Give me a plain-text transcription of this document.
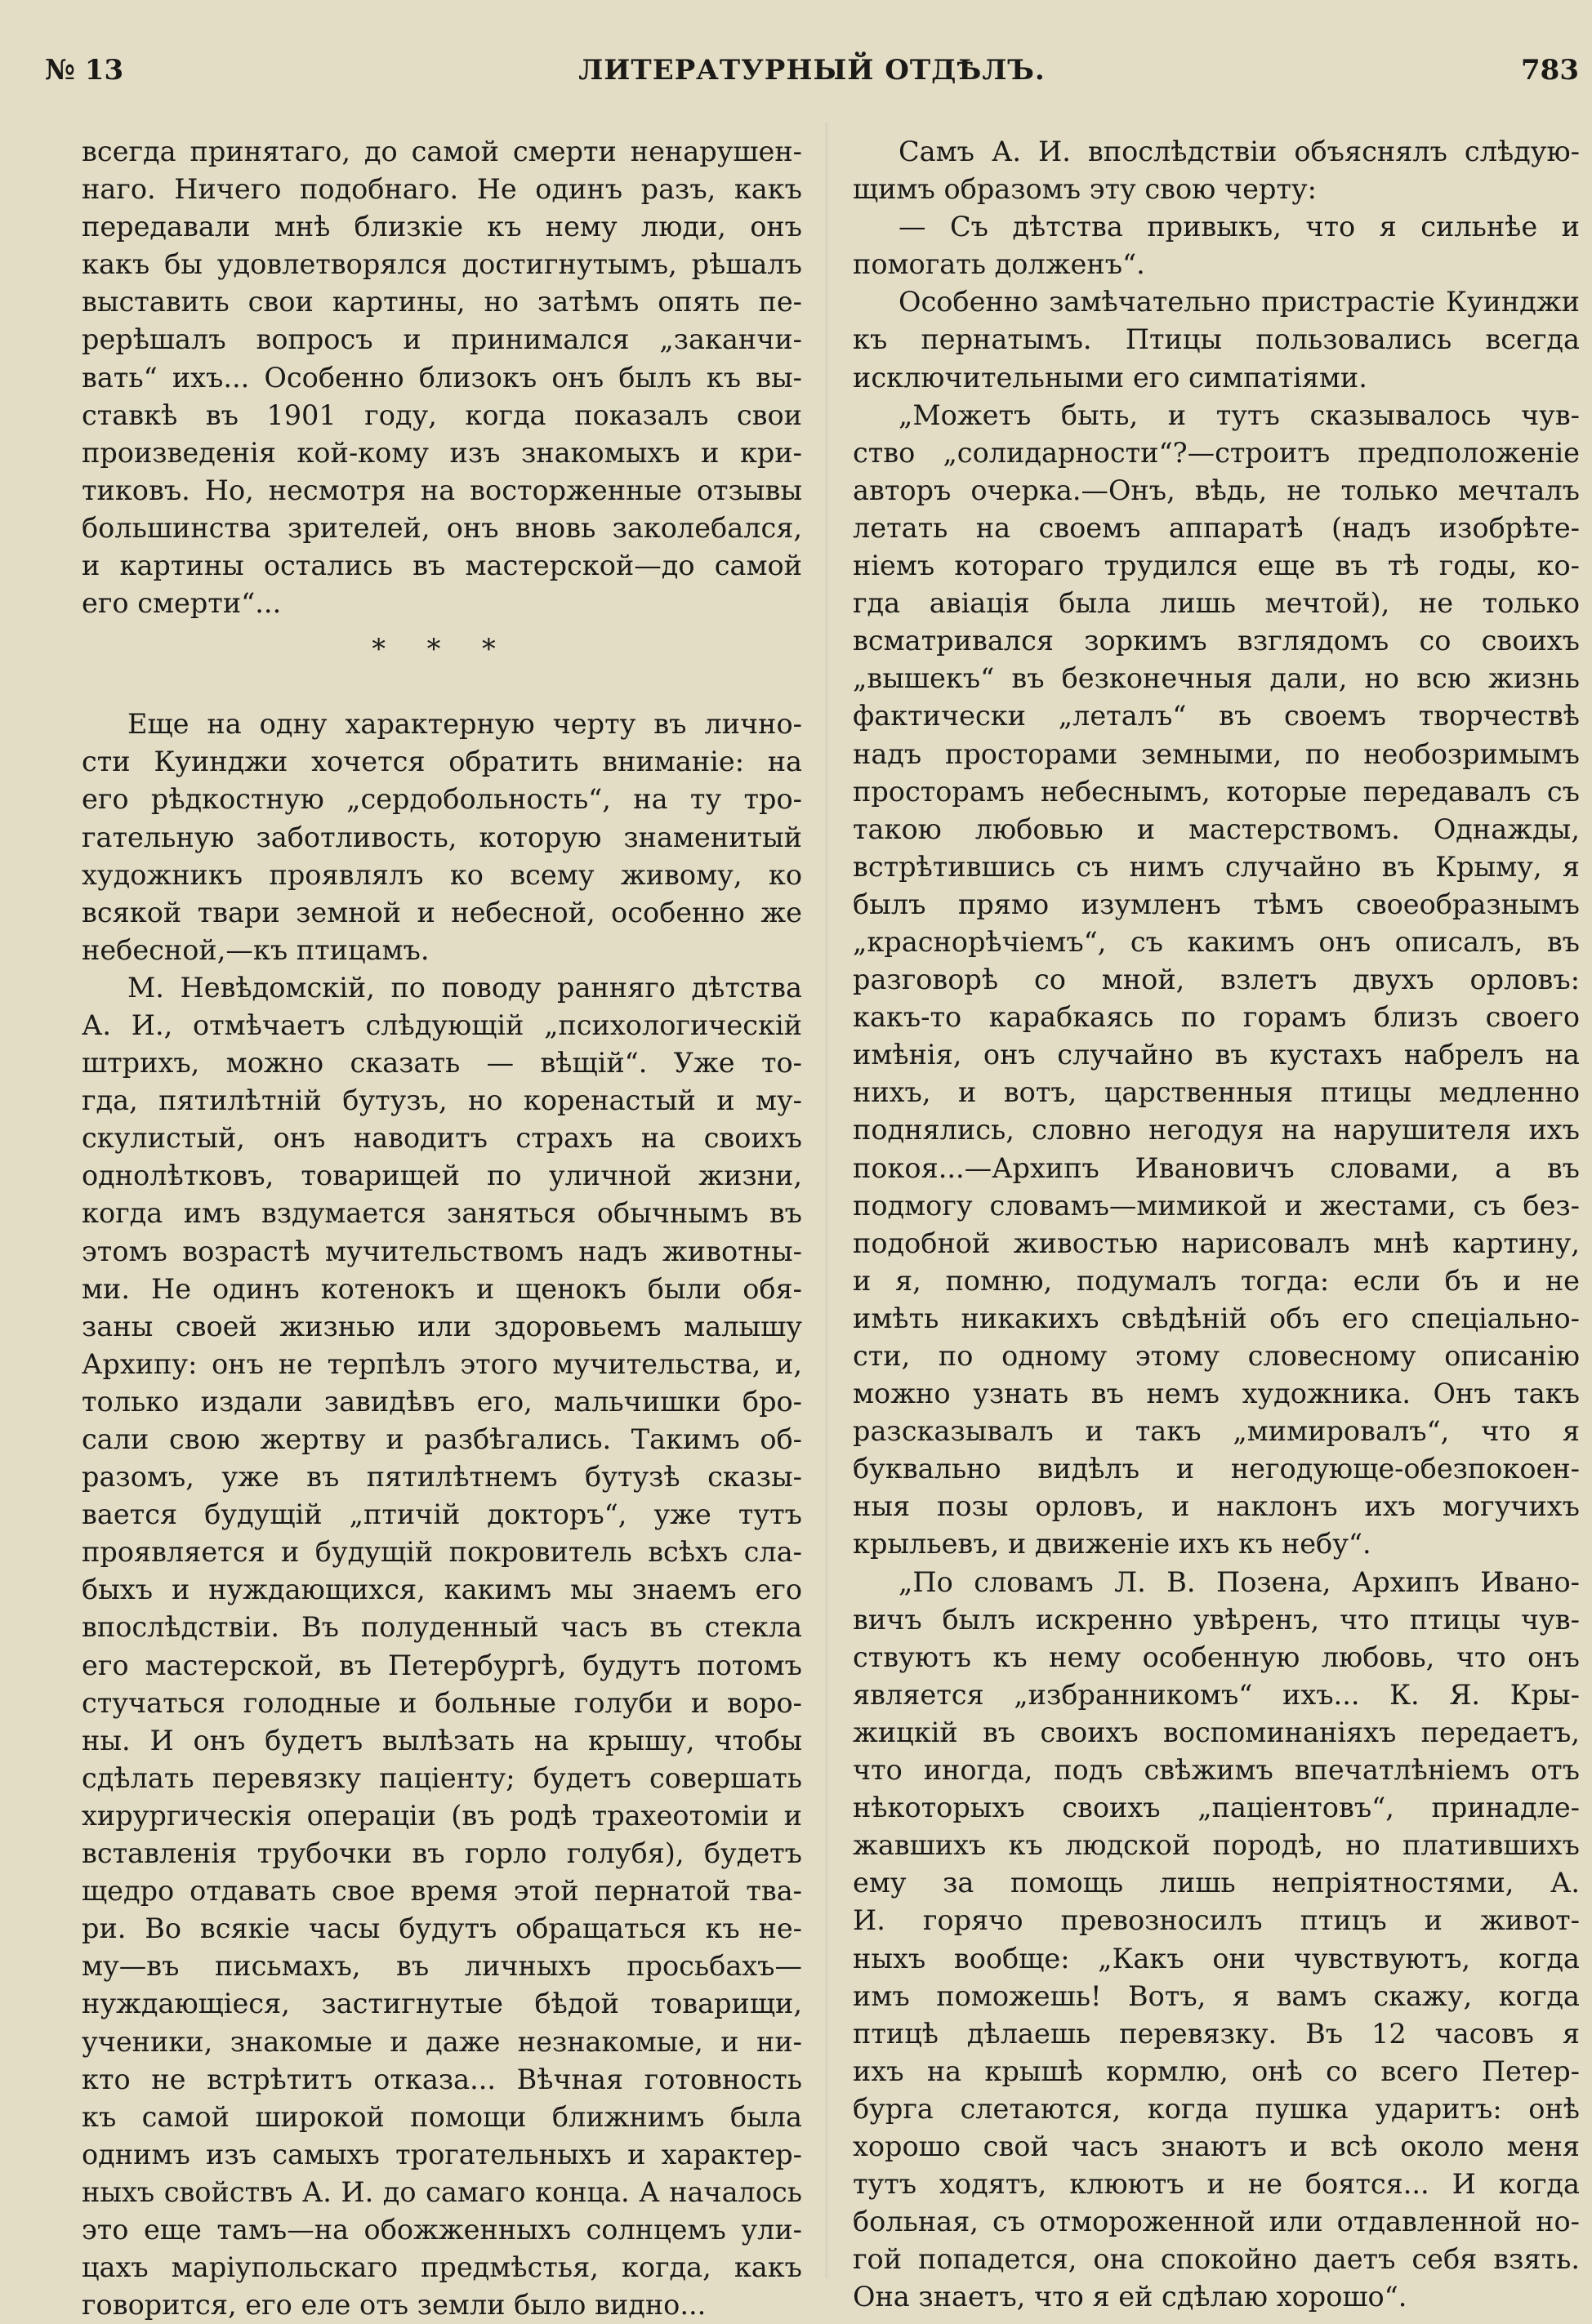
№ 13	ЛИТЕРАТУРНЫЙ ОТДѢЛЪ.	783
всегда принятаго, до самой смерти ненарушен-
наго. Ничего подобнаго. Не одинъ разъ, какъ
передавали мнѣ близкіе къ нему люди, онъ
какъ бы удовлетворялся достигнутымъ, рѣшалъ
выставить свои картины, но затѣмъ опять пе-
рерѣшалъ вопросъ и принимался „заканчи-
вать“ ихъ... Особенно близокъ онъ былъ къ вы-
ставкѣ въ 1901 году, когда показалъ свои
произведенія кой-кому изъ знакомыхъ и кри-
тиковъ. Но, несмотря на восторженные отзывы
большинства зрителей, онъ вновь заколебался,
и картины остались въ мастерской—до самой
его смерти“...
* * *
Еще на одну характерную черту въ лично-
сти Куинджи хочется обратить вниманіе: на
его рѣдкостную „сердобольность“, на ту тро-
гательную заботливость, которую знаменитый
художникъ проявлялъ ко всему живому, ко
всякой твари земной и небесной, особенно же
небесной,—къ птицамъ.
М. Невѣдомскій, по поводу ранняго дѣтства
А. И., отмѣчаетъ слѣдующій „психологическій
штрихъ, можно сказать — вѣщій“. Уже то-
гда, пятилѣтній бутузъ, но коренастый и му-
скулистый, онъ наводитъ страхъ на своихъ
однолѣтковъ, товарищей по уличной жизни,
когда имъ вздумается заняться обычнымъ въ
этомъ возрастѣ мучительствомъ надъ животны-
ми. Не одинъ котенокъ и щенокъ были обя-
заны своей жизнью или здоровьемъ малышу
Архипу: онъ не терпѣлъ этого мучительства, и,
только издали завидѣвъ его, мальчишки бро-
сали свою жертву и разбѣгались. Такимъ об-
разомъ, уже въ пятилѣтнемъ бутузѣ сказы-
вается будущій „птичій докторъ“, уже тутъ
проявляется и будущій покровитель всѣхъ сла-
быхъ и нуждающихся, какимъ мы знаемъ его
впослѣдствіи. Въ полуденный часъ въ стекла
его мастерской, въ Петербургѣ, будутъ потомъ
стучаться голодные и больные голуби и воро-
ны. И онъ будетъ вылѣзать на крышу, чтобы
сдѣлать перевязку паціенту; будетъ совершать
хирургическія операціи (въ родѣ трахеотоміи и
вставленія трубочки въ горло голубя), будетъ
щедро отдавать свое время этой пернатой тва-
ри. Во всякіе часы будутъ обращаться къ не-
му—въ письмахъ, въ личныхъ просьбахъ—
нуждающіеся, застигнутые бѣдой товарищи,
ученики, знакомые и даже незнакомые, и ни-
кто не встрѣтитъ отказа... Вѣчная готовность
къ самой широкой помощи ближнимъ была
однимъ изъ самыхъ трогательныхъ и характер-
ныхъ свойствъ А. И. до самаго конца. А началось
это еще тамъ—на обожженныхъ солнцемъ ули-
цахъ маріупольскаго предмѣстья, когда, какъ
говорится, его еле отъ земли было видно...
Самъ А. И. впослѣдствіи объяснялъ слѣдую-
щимъ образомъ эту свою черту:
— Съ дѣтства привыкъ, что я сильнѣе и
помогать долженъ“.
Особенно замѣчательно пристрастіе Куинджи
къ пернатымъ. Птицы пользовались всегда
исключительными его симпатіями.
„Можетъ быть, и тутъ сказывалось чув-
ство „солидарности“?—строитъ предположеніе
авторъ очерка.—Онъ, вѣдь, не только мечталъ
летать на своемъ аппаратѣ (надъ изобрѣте-
ніемъ котораго трудился еще въ тѣ годы, ко-
гда авіація была лишь мечтой), не только
всматривался зоркимъ взглядомъ со своихъ
„вышекъ“ въ безконечныя дали, но всю жизнь
фактически „леталъ“ въ своемъ творчествѣ
надъ просторами земными, по необозримымъ
просторамъ небеснымъ, которые передавалъ съ
такою любовью и мастерствомъ. Однажды,
встрѣтившись съ нимъ случайно въ Крыму, я
былъ прямо изумленъ тѣмъ своеобразнымъ
„краснорѣчіемъ“, съ какимъ онъ описалъ, въ
разговорѣ со мной, взлетъ двухъ орловъ:
какъ-то карабкаясь по горамъ близъ своего
имѣнія, онъ случайно въ кустахъ набрелъ на
нихъ, и вотъ, царственныя птицы медленно
поднялись, словно негодуя на нарушителя ихъ
покоя...—Архипъ Ивановичъ словами, а въ
подмогу словамъ—мимикой и жестами, съ без-
подобной живостью нарисовалъ мнѣ картину,
и я, помню, подумалъ тогда: если бъ и не
имѣть никакихъ свѣдѣній объ его спеціально-
сти, по одному этому словесному описанію
можно узнать въ немъ художника. Онъ такъ
разсказывалъ и такъ „мимировалъ“, что я
буквально видѣлъ и негодующе-обезпокоен-
ныя позы орловъ, и наклонъ ихъ могучихъ
крыльевъ, и движеніе ихъ къ небу“.
„По словамъ Л. В. Позена, Архипъ Ивано-
вичъ былъ искренно увѣренъ, что птицы чув-
ствуютъ къ нему особенную любовь, что онъ
является „избранникомъ“ ихъ... К. Я. Кры-
жицкій въ своихъ воспоминаніяхъ передаетъ,
что иногда, подъ свѣжимъ впечатлѣніемъ отъ
нѣкоторыхъ своихъ „паціентовъ“, принадле-
жавшихъ къ людской породѣ, но платившихъ
ему за помощь лишь непріятностями, А.
И. горячо превозносилъ птицъ и живот-
ныхъ вообще: „Какъ они чувствуютъ, когда
имъ поможешь! Вотъ, я вамъ скажу, когда
птицѣ дѣлаешь перевязку. Въ 12 часовъ я
ихъ на крышѣ кормлю, онѣ со всего Петер-
бурга слетаются, когда пушка ударитъ: онѣ
хорошо свой часъ знаютъ и всѣ около меня
тутъ ходятъ, клюютъ и не боятся... И когда
больная, съ отмороженной или отдавленной но-
гой попадется, она спокойно даетъ себя взять.
Она знаетъ, что я ей сдѣлаю хорошо“.
